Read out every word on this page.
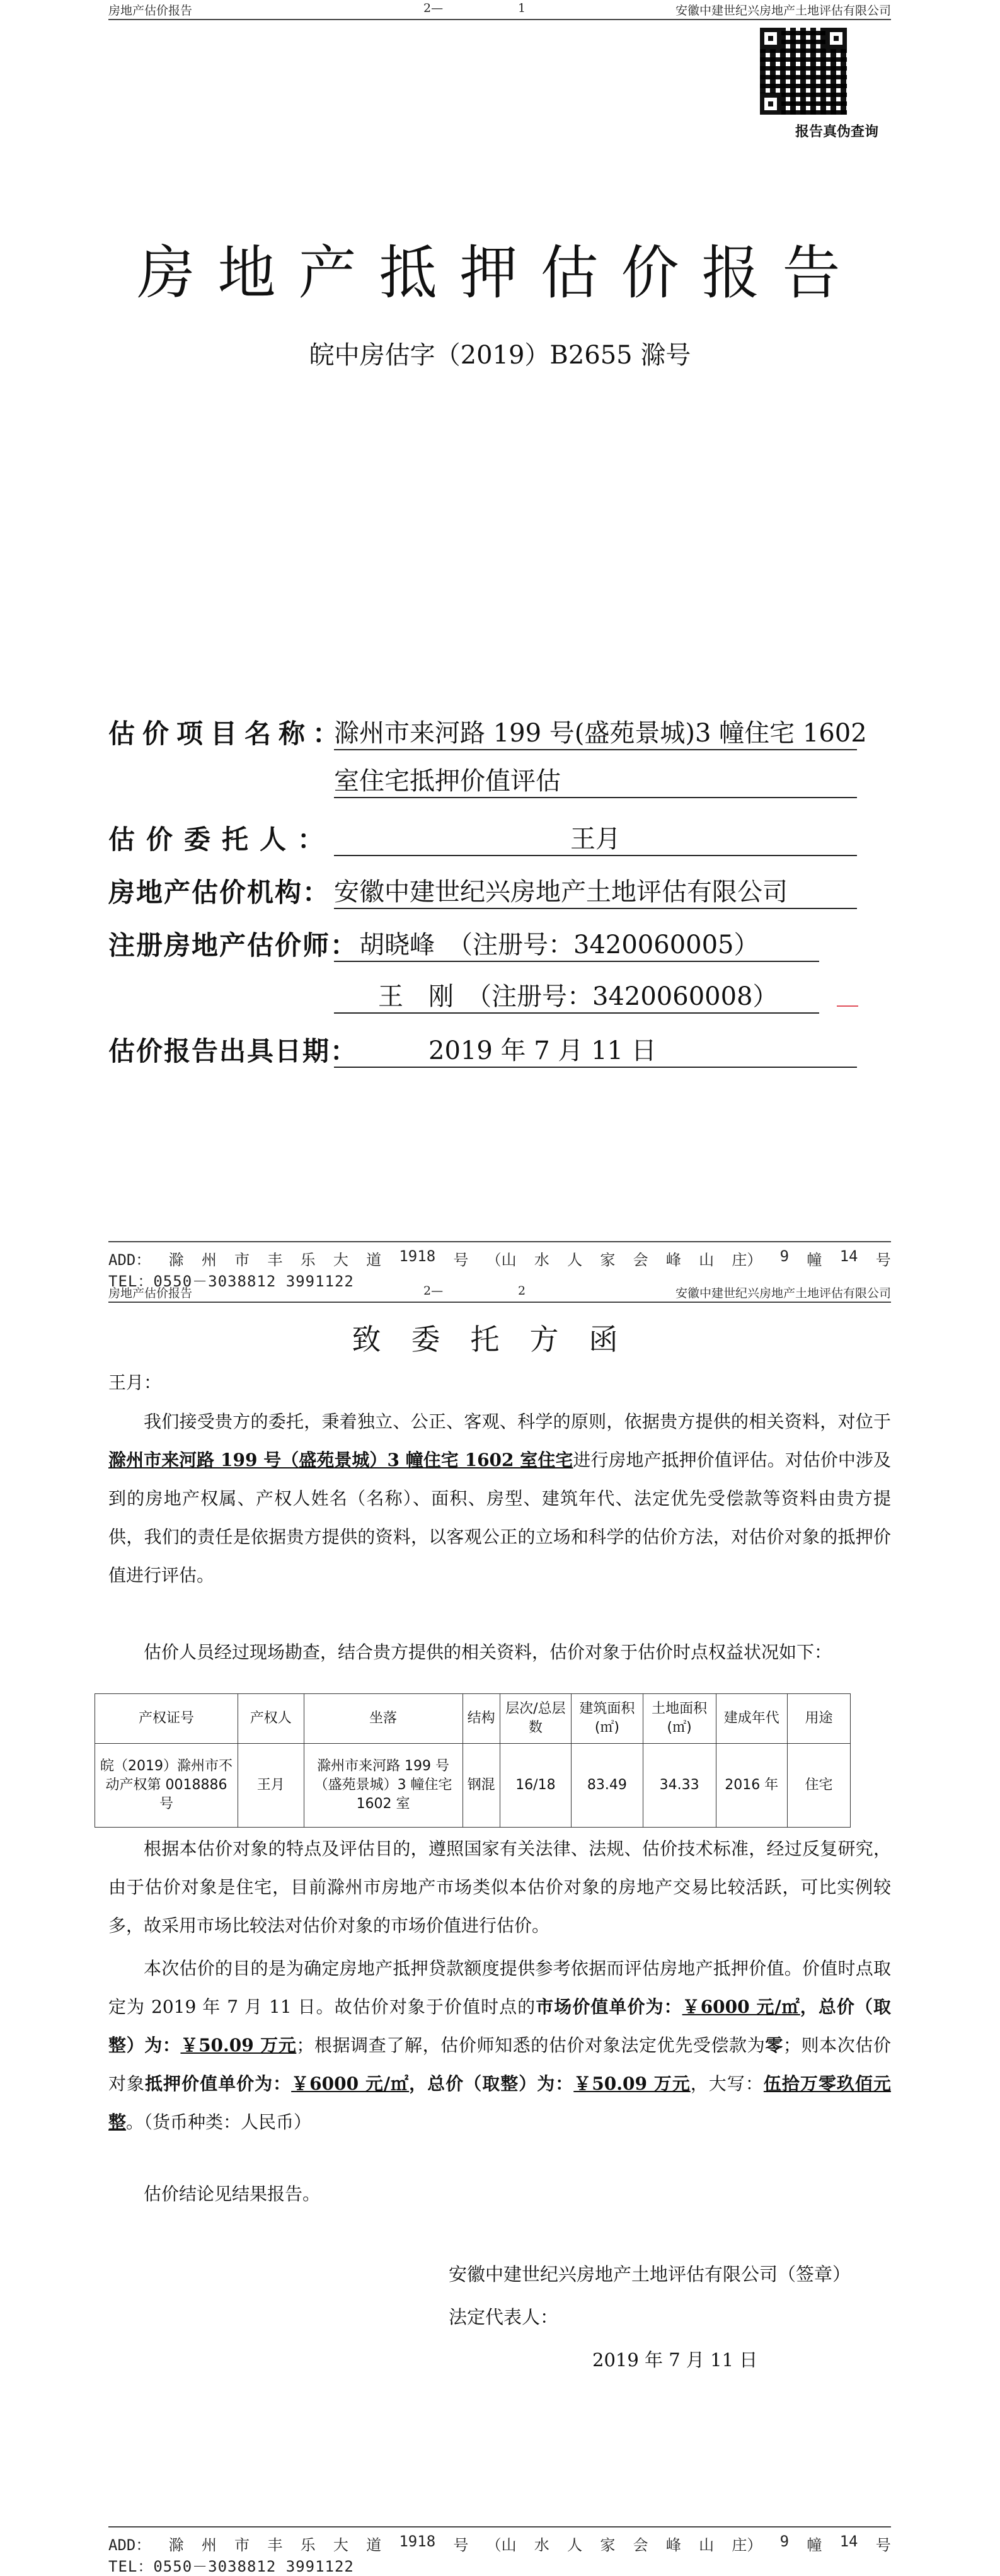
房地产估价报告	2—	1	安徽中建世纪兴房地产土地评估有限公司
报告真伪查询
房地产抵押估价报告
皖中房估字（2019）B2655 滁号
估价项目名称：
滁州市来河路 199 号(盛苑景城)3 幢住宅 1602
室住宅抵押价值评估
估价委托人：	王月
房地产估价机构： 安徽中建世纪兴房地产土地评估有限公司
注册房地产估价师： 胡晓峰　（注册号：3420060005）
王　刚　（注册号：3420060008）
估价报告出具日期：	2019 年 7 月 11 日
ADD： 滁 州 市 丰 乐 大 道 1918 号 （山 水 人 家 会 峰 山 庄） 9 幢 14 号
TEL：0550－3038812 3991122
房地产估价报告	2—	2	安徽中建世纪兴房地产土地评估有限公司
致委托方函
王月：
我们接受贵方的委托，秉着独立、公正、客观、科学的原则，依据贵方提供的相关资料，对位于滁州市来河路 199 号（盛苑景城）3 幢住宅 1602 室住宅进行房地产抵押价值评估。对估价中涉及到的房地产权属、产权人姓名（名称）、面积、房型、建筑年代、法定优先受偿款等资料由贵方提供，我们的责任是依据贵方提供的资料，以客观公正的立场和科学的估价方法，对估价对象的抵押价值进行评估。
估价人员经过现场勘查，结合贵方提供的相关资料，估价对象于估价时点权益状况如下：
产权证号	产权人	坐落	结构	层次/总层数	建筑面积(㎡)	土地面积(㎡)	建成年代	用途
皖（2019）滁州市不动产权第 0018886 号	王月	滁州市来河路 199 号（盛苑景城）3 幢住宅 1602 室	钢混	16/18	83.49	34.33	2016 年	住宅
根据本估价对象的特点及评估目的，遵照国家有关法律、法规、估价技术标准，经过反复研究，由于估价对象是住宅，目前滁州市房地产市场类似本估价对象的房地产交易比较活跃，可比实例较多，故采用市场比较法对估价对象的市场价值进行估价。
本次估价的目的是为确定房地产抵押贷款额度提供参考依据而评估房地产抵押价值。价值时点取定为 2019 年 7 月 11 日。故估价对象于价值时点的市场价值单价为：￥6000 元/㎡，总价（取整）为：￥50.09 万元；根据调查了解，估价师知悉的估价对象法定优先受偿款为零；则本次估价对象抵押价值单价为：￥6000 元/㎡，总价（取整）为：￥50.09 万元，大写：伍拾万零玖佰元整。（货币种类：人民币）
估价结论见结果报告。
安徽中建世纪兴房地产土地评估有限公司（签章）
法定代表人：
2019 年 7 月 11 日
ADD： 滁 州 市 丰 乐 大 道 1918 号 （山 水 人 家 会 峰 山 庄） 9 幢 14 号
TEL：0550－3038812 3991122
